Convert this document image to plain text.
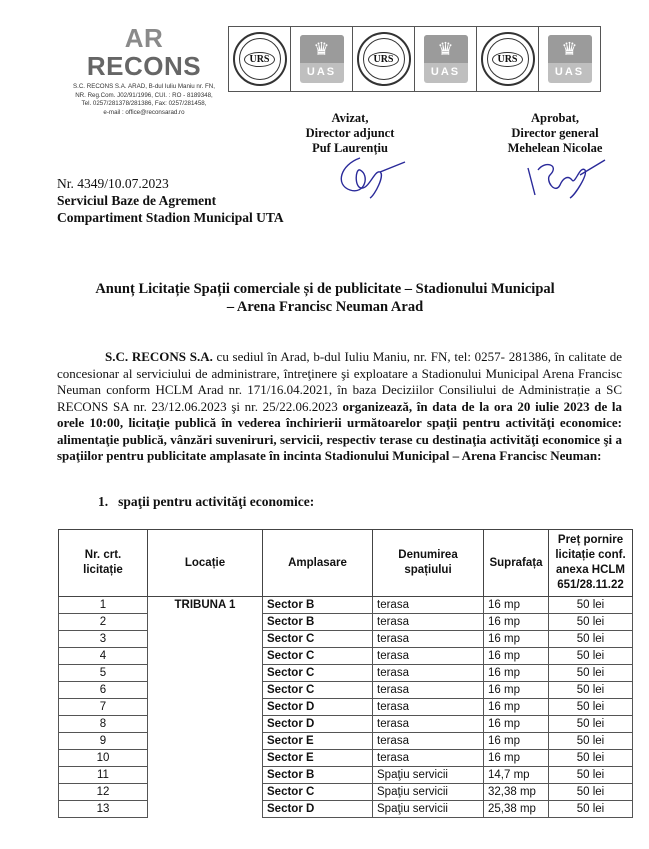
AR RECONS
S.C. RECONS S.A. ARAD, B-dul Iuliu Maniu nr. FN,
NR. Reg.Com. J02/91/1996, CUI. : RO - 8189348,
Tel. 0257/281378/281386, Fax: 0257/281458,
e-mail : office@reconsarad.ro
URS	♛
UAS
URS	♛
UAS
URS	♛
UAS
Avizat,
Director adjunct
Puf Laurențiu
Aprobat,
Director general
Mehelean Nicolae
Nr. 4349/10.07.2023
Serviciul Baze de Agrement
Compartiment Stadion Municipal UTA
Anunț Licitație Spații comerciale și de publicitate – Stadionului Municipal
– Arena Francisc Neuman Arad
S.C. RECONS S.A. cu sediul în Arad, b-dul Iuliu Maniu, nr. FN, tel: 0257- 281386, în calitate de concesionar al serviciului de administrare, întreţinere şi exploatare a Stadionului Municipal Arena Francisc Neuman conform HCLM Arad nr. 171/16.04.2021, în baza Deciziilor Consiliului de Administrație a SC RECONS SA nr. 23/12.06.2023 şi nr. 25/22.06.2023 organizează, în data de la ora 20 iulie 2023 de la orele 10:00, licitaţie publică în vederea închirierii următoarelor spaţii pentru activităţi economice: alimentaţie publică, vânzări suveniruri, servicii, respectiv terase cu destinaţia activităţi economice şi a spaţiilor pentru publicitate amplasate în incinta Stadionului Municipal – Arena Francisc Neuman:
1. spaţii pentru activităţi economice:
Nr. crt.
licitație
	Locație	Amplasare	
Denumirea
spațiului
	Suprafața	
Preț pornire
licitație conf.
anexa HCLM
651/28.11.22

1	TRIBUNA 1	Sector B	terasa	16 mp	50 lei
2		Sector B	terasa	16 mp	50 lei
3		Sector C	terasa	16 mp	50 lei
4		Sector C	terasa	16 mp	50 lei
5		Sector C	terasa	16 mp	50 lei
6		Sector C	terasa	16 mp	50 lei
7		Sector D	terasa	16 mp	50 lei
8		Sector D	terasa	16 mp	50 lei
9		Sector E	terasa	16 mp	50 lei
10		Sector E	terasa	16 mp	50 lei
11		Sector B	Spaţiu servicii	14,7 mp	50 lei
12		Sector C	Spaţiu servicii	32,38 mp	50 lei
13		Sector D	Spaţiu servicii	25,38 mp	50 lei
